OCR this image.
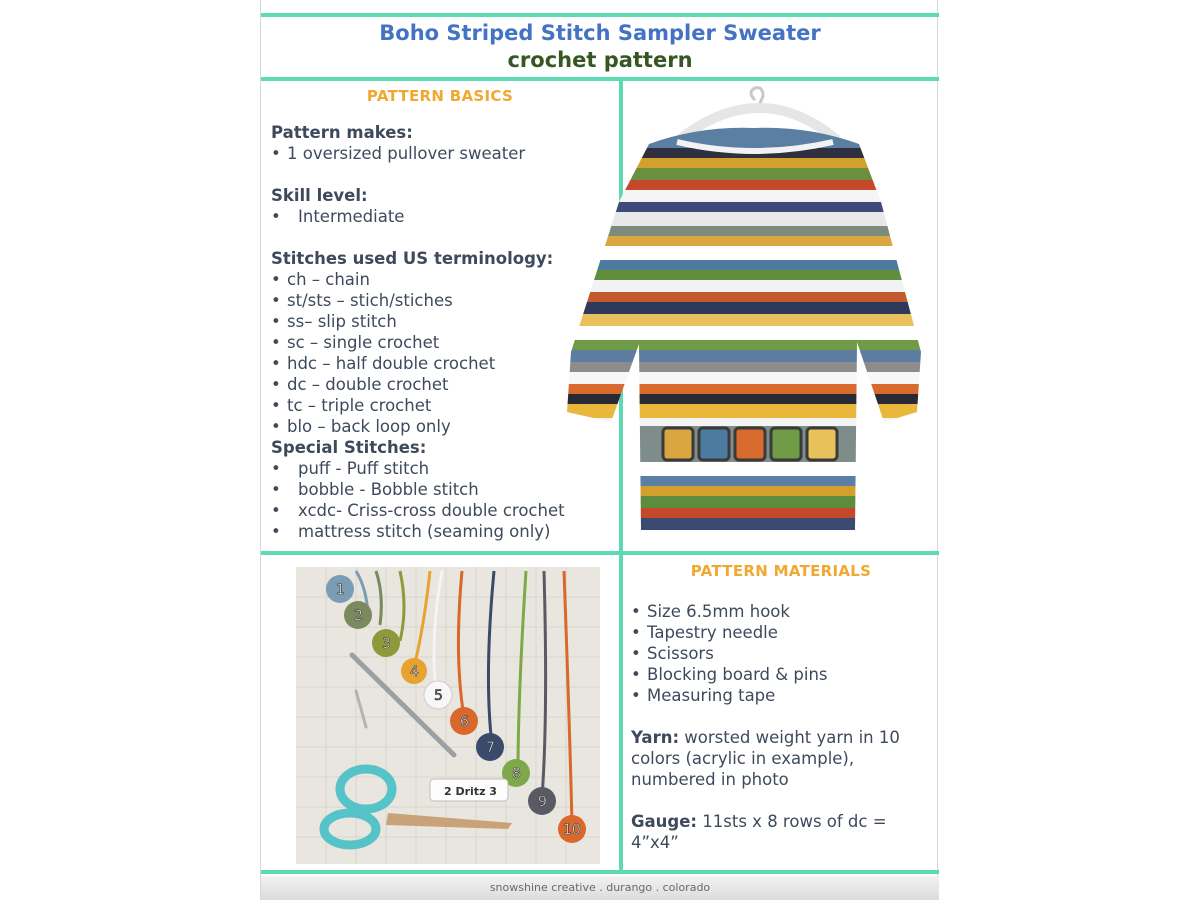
Boho Striped Stitch Sampler Sweater
crochet pattern
PATTERN BASICS
Pattern makes:
• 1 oversized pullover sweater
Skill level:
•	Intermediate
Stitches used US terminology:
• ch – chain
• st/sts – stich/stiches
• ss– slip stitch
• sc – single crochet
• hdc – half double crochet
• dc – double crochet
• tc – triple crochet
• blo – back loop only
Special Stitches:
•	puff - Puff stitch
•	bobble - Bobble stitch
•	xcdc- Criss-cross double crochet
•	mattress stitch (seaming only)
2 Dritz 3
1
2
3
4
5
6
7
8
9
10
PATTERN MATERIALS
• Size 6.5mm hook
• Tapestry needle
• Scissors
• Blocking board & pins
• Measuring tape
Yarn: worsted weight yarn in 10 colors (acrylic in example), numbered in photo
Gauge: 11sts x 8 rows of dc = 4”x4”
snowshine creative . durango . colorado
